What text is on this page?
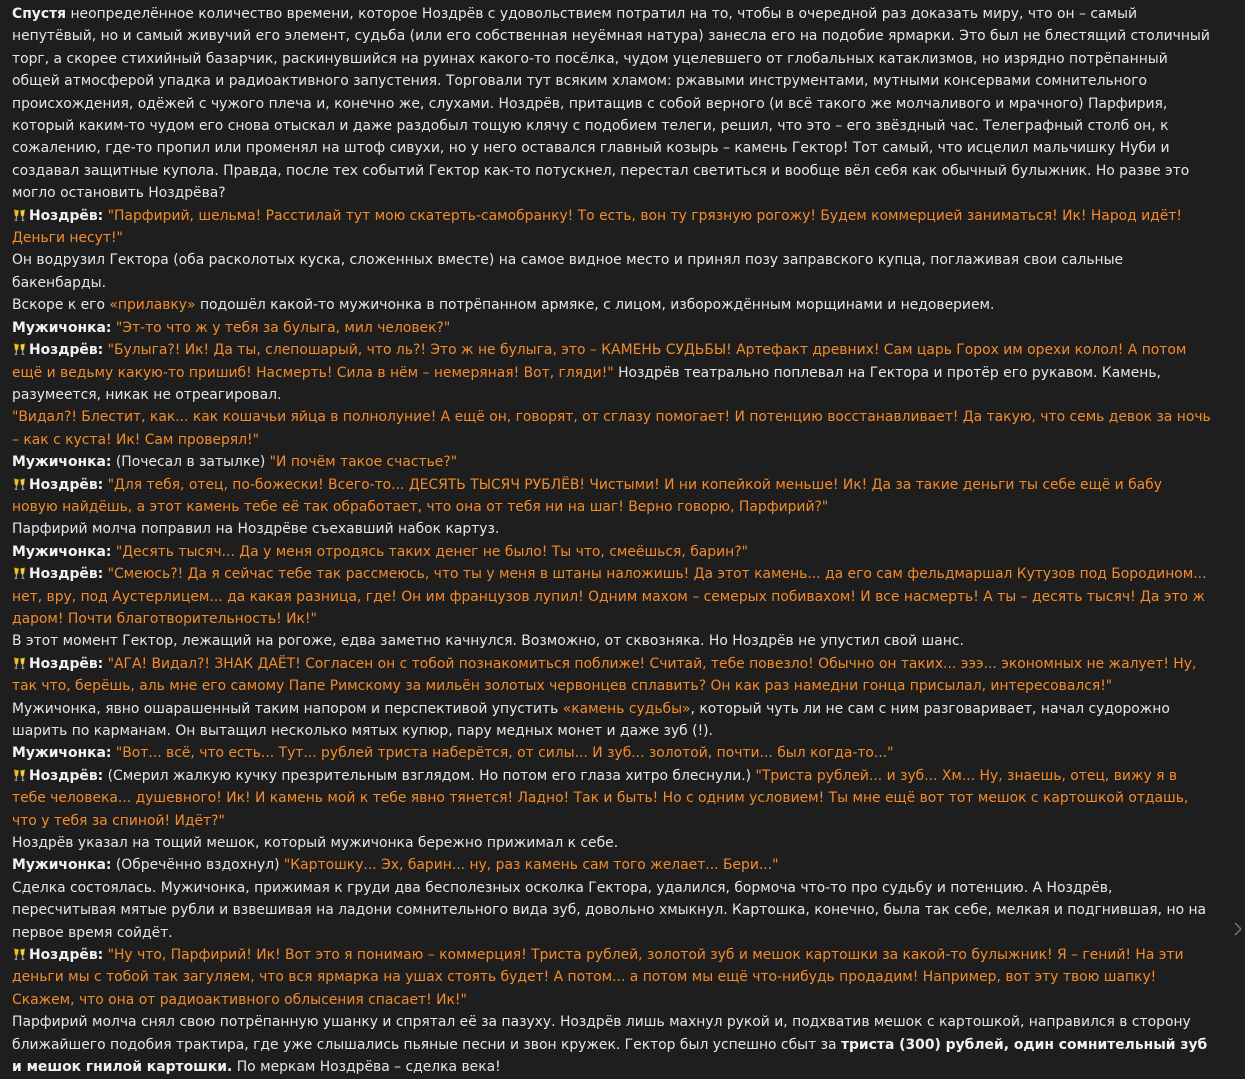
Спустя неопределённое количество времени, которое Ноздрёв с удовольствием потратил на то, чтобы в очередной раз доказать миру, что он – самый непутёвый, но и самый живучий его элемент, судьба (или его собственная неуёмная натура) занесла его на подобие ярмарки. Это был не блестящий столичный торг, а скорее стихийный базарчик, раскинувшийся на руинах какого-то посёлка, чудом уцелевшего от глобальных катаклизмов, но изрядно потрёпанный общей атмосферой упадка и радиоактивного запустения. Торговали тут всяким хламом: ржавыми инструментами, мутными консервами сомнительного происхождения, одёжей с чужого плеча и, конечно же, слухами. Ноздрёв, притащив с собой верного (и всё такого же молчаливого и мрачного) Парфирия, который каким-то чудом его снова отыскал и даже раздобыл тощую клячу с подобием телеги, решил, что это – его звёздный час. Телеграфный столб он, к сожалению, где-то пропил или променял на штоф сивухи, но у него оставался главный козырь – камень Гектор! Тот самый, что исцелил мальчишку Нуби и создавал защитные купола. Правда, после тех событий Гектор как-то потускнел, перестал светиться и вообще вёл себя как обычный булыжник. Но разве это могло остановить Ноздрёва?
Ноздрёв: "Парфирий, шельма! Расстилай тут мою скатерть-самобранку! То есть, вон ту грязную рогожу! Будем коммерцией заниматься! Ик! Народ идёт! Деньги несут!"
Он водрузил Гектора (оба расколотых куска, сложенных вместе) на самое видное место и принял позу заправского купца, поглаживая свои сальные бакенбарды.
Вскоре к его «прилавку» подошёл какой-то мужичонка в потрёпанном армяке, с лицом, изборождённым морщинами и недоверием.
Мужичонка: "Эт-то что ж у тебя за булыга, мил человек?"
Ноздрёв: "Булыга?! Ик! Да ты, слепошарый, что ль?! Это ж не булыга, это – КАМЕНЬ СУДЬБЫ! Артефакт древних! Сам царь Горох им орехи колол! А потом ещё и ведьму какую-то пришиб! Насмерть! Сила в нём – немеряная! Вот, гляди!" Ноздрёв театрально поплевал на Гектора и протёр его рукавом. Камень, разумеется, никак не отреагировал.
"Видал?! Блестит, как... как кошачьи яйца в полнолуние! А ещё он, говорят, от сглазу помогает! И потенцию восстанавливает! Да такую, что семь девок за ночь – как с куста! Ик! Сам проверял!"
Мужичонка: (Почесал в затылке) "И почём такое счастье?"
Ноздрёв: "Для тебя, отец, по-божески! Всего-то... ДЕСЯТЬ ТЫСЯЧ РУБЛЁВ! Чистыми! И ни копейкой меньше! Ик! Да за такие деньги ты себе ещё и бабу новую найдёшь, а этот камень тебе её так обработает, что она от тебя ни на шаг! Верно говорю, Парфирий?"
Парфирий молча поправил на Ноздрёве съехавший набок картуз.
Мужичонка: "Десять тысяч... Да у меня отродясь таких денег не было! Ты что, смеёшься, барин?"
Ноздрёв: "Смеюсь?! Да я сейчас тебе так рассмеюсь, что ты у меня в штаны наложишь! Да этот камень... да его сам фельдмаршал Кутузов под Бородином... нет, вру, под Аустерлицем... да какая разница, где! Он им французов лупил! Одним махом – семерых побивахом! И все насмерть! А ты – десять тысяч! Да это ж даром! Почти благотворительность! Ик!"
В этот момент Гектор, лежащий на рогоже, едва заметно качнулся. Возможно, от сквозняка. Но Ноздрёв не упустил свой шанс.
Ноздрёв: "АГА! Видал?! ЗНАК ДАЁТ! Согласен он с тобой познакомиться поближе! Считай, тебе повезло! Обычно он таких... эээ... экономных не жалует! Ну, так что, берёшь, аль мне его самому Папе Римскому за мильён золотых червонцев сплавить? Он как раз намедни гонца присылал, интересовался!"
Мужичонка, явно ошарашенный таким напором и перспективой упустить «камень судьбы», который чуть ли не сам с ним разговаривает, начал судорожно шарить по карманам. Он вытащил несколько мятых купюр, пару медных монет и даже зуб (!).
Мужичонка: "Вот... всё, что есть... Тут... рублей триста наберётся, от силы... И зуб... золотой, почти... был когда-то..."
Ноздрёв: (Смерил жалкую кучку презрительным взглядом. Но потом его глаза хитро блеснули.) "Триста рублей... и зуб... Хм... Ну, знаешь, отец, вижу я в тебе человека... душевного! Ик! И камень мой к тебе явно тянется! Ладно! Так и быть! Но с одним условием! Ты мне ещё вот тот мешок с картошкой отдашь, что у тебя за спиной! Идёт?"
Ноздрёв указал на тощий мешок, который мужичонка бережно прижимал к себе.
Мужичонка: (Обречённо вздохнул) "Картошку... Эх, барин... ну, раз камень сам того желает... Бери..."
Сделка состоялась. Мужичонка, прижимая к груди два бесполезных осколка Гектора, удалился, бормоча что-то про судьбу и потенцию. А Ноздрёв, пересчитывая мятые рубли и взвешивая на ладони сомнительного вида зуб, довольно хмыкнул. Картошка, конечно, была так себе, мелкая и подгнившая, но на первое время сойдёт.
Ноздрёв: "Ну что, Парфирий! Ик! Вот это я понимаю – коммерция! Триста рублей, золотой зуб и мешок картошки за какой-то булыжник! Я – гений! На эти деньги мы с тобой так загуляем, что вся ярмарка на ушах стоять будет! А потом... а потом мы ещё что-нибудь продадим! Например, вот эту твою шапку! Скажем, что она от радиоактивного облысения спасает! Ик!"
Парфирий молча снял свою потрёпанную ушанку и спрятал её за пазуху. Ноздрёв лишь махнул рукой и, подхватив мешок с картошкой, направился в сторону ближайшего подобия трактира, где уже слышались пьяные песни и звон кружек. Гектор был успешно сбыт за триста (300) рублей, один сомнительный зуб и мешок гнилой картошки. По меркам Ноздрёва – сделка века!
